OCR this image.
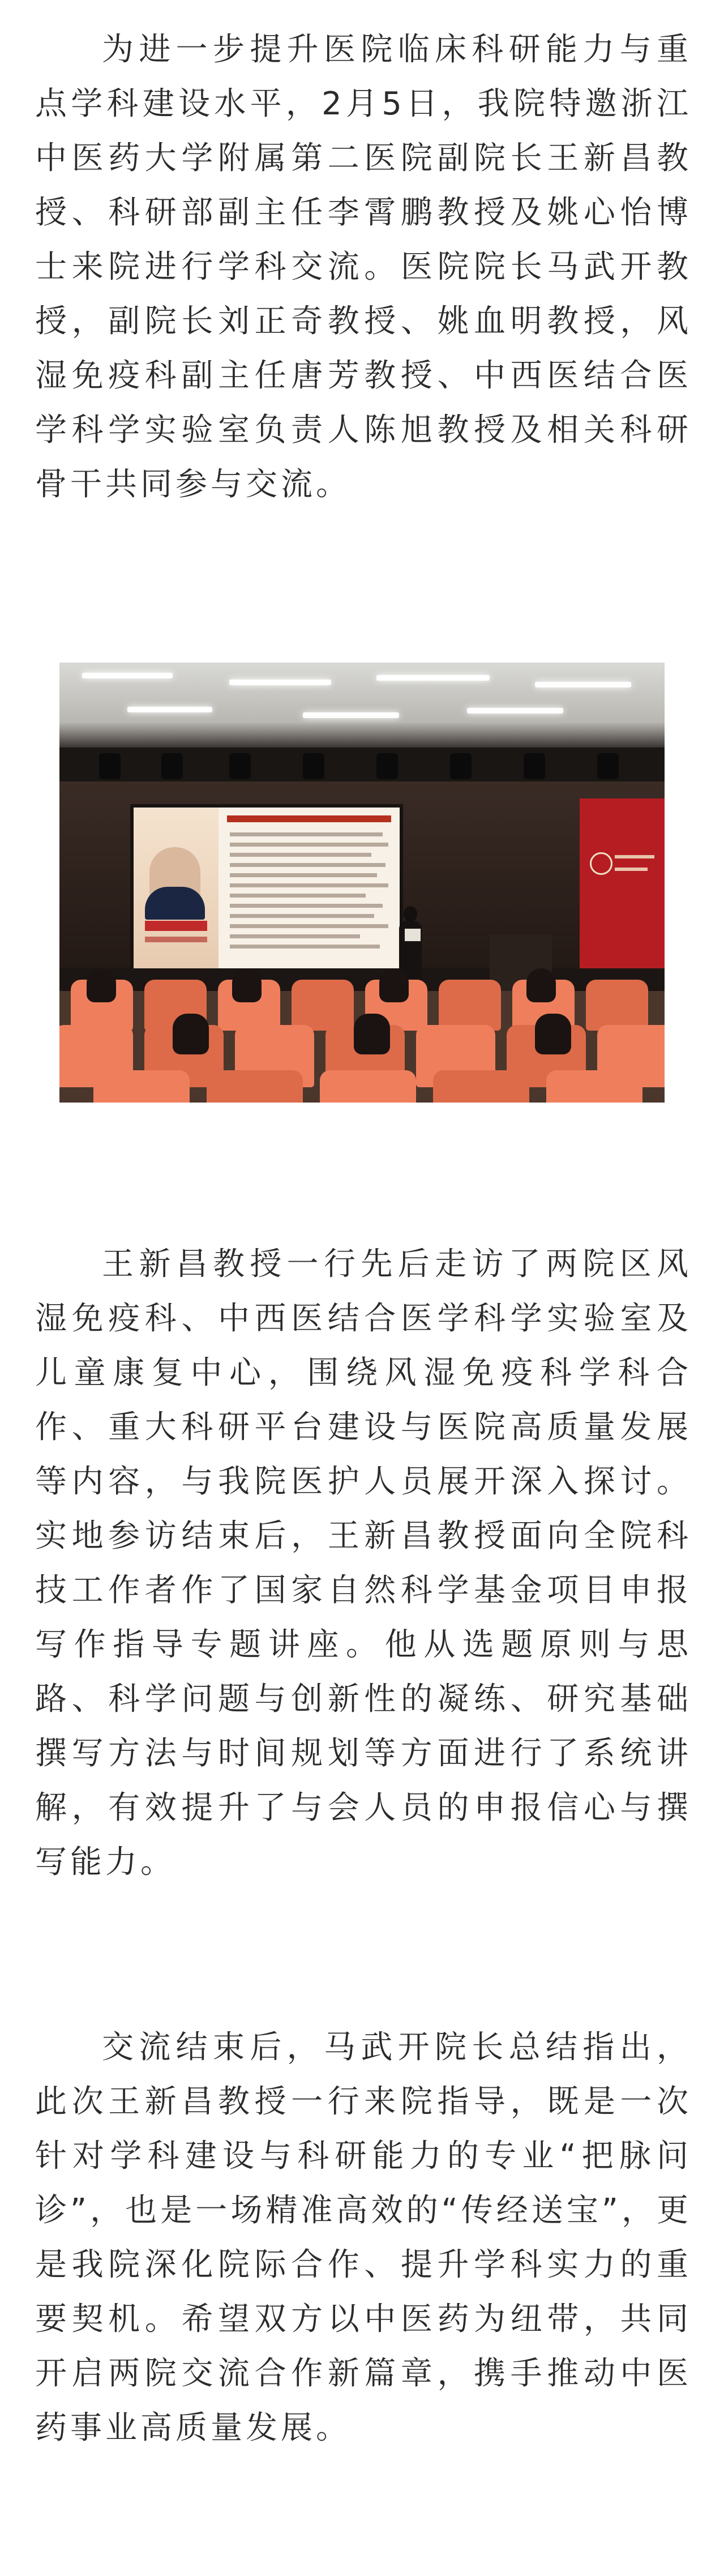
为进一步提升医院临床科研能力与重点学科建设水平，2月5日，我院特邀浙江中医药大学附属第二医院副院长王新昌教授、科研部副主任李霄鹏教授及姚心怡博士来院进行学科交流。医院院长马武开教授，副院长刘正奇教授、姚血明教授，风湿免疫科副主任唐芳教授、中西医结合医学科学实验室负责人陈旭教授及相关科研骨干共同参与交流。

王新昌教授一行先后走访了两院区风湿免疫科、中西医结合医学科学实验室及儿童康复中心，围绕风湿免疫科学科合作、重大科研平台建设与医院高质量发展等内容，与我院医护人员展开深入探讨。实地参访结束后，王新昌教授面向全院科技工作者作了国家自然科学基金项目申报写作指导专题讲座。他从选题原则与思路、科学问题与创新性的凝练、研究基础撰写方法与时间规划等方面进行了系统讲解，有效提升了与会人员的申报信心与撰写能力。

交流结束后，马武开院长总结指出，此次王新昌教授一行来院指导，既是一次针对学科建设与科研能力的专业“把脉问诊”，也是一场精准高效的“传经送宝”，更是我院深化院际合作、提升学科实力的重要契机。希望双方以中医药为纽带，共同开启两院交流合作新篇章，携手推动中医药事业高质量发展。
